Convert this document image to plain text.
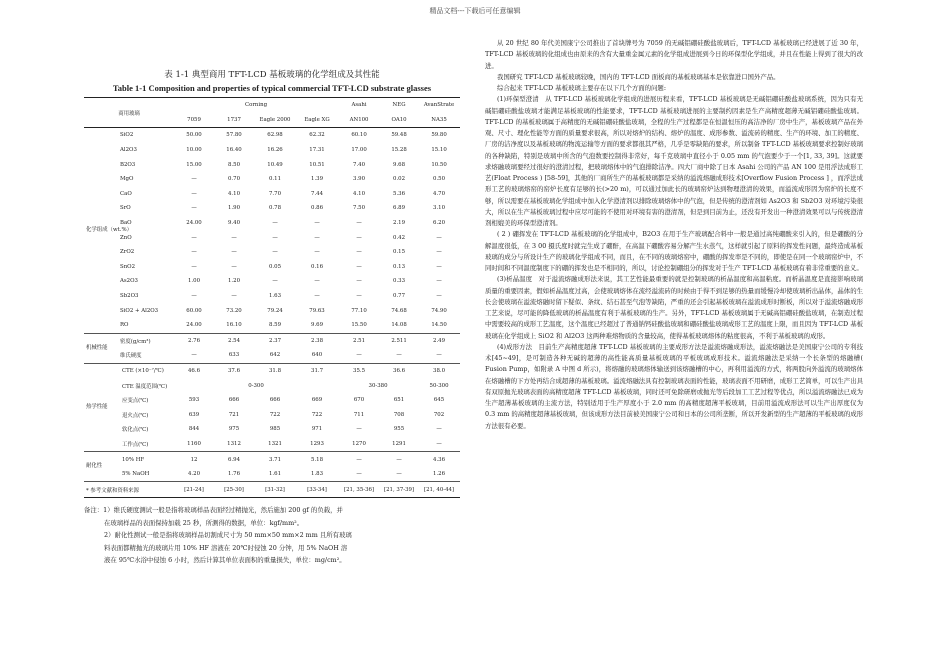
精品文档---下载后可任意编辑
表 1-1 典型商用 TFT-LCD 基板玻璃的化学组成及其性能
Table 1-1 Composition and properties of typical commercial TFT-LCD substrate glasses
商用玻璃		Corning				Asahi	NEG	AvanStrate
		7059	1737	Eagle 2000	Eagle XG	AN100	OA10	NA35
化学组成（wt.%）	SiO2	50.00	57.80	62.98	62.32	60.10	59.48	59.80
	Al2O3	10.00	16.40	16.26	17.31	17.00	15.28	15.10
	B2O3	15.00	8.50	10.49	10.51	7.40	9.68	10.50
	MgO	—	0.70	0.11	1.39	3.90	0.02	0.50
	CaO	—	4.10	7.70	7.44	4.10	5.36	4.70
	SrO	—	1.90	0.78	0.86	7.50	6.89	3.10
	BaO	24.00	9.40	—	—	—	2.19	6.20
	ZnO	—	—	—	—	—	0.42	—
	ZrO2	—	—	—	—	—	0.15	—
	SnO2	—	—	0.05	0.16	—	0.13	—
	As2O3	1.00	1.20	—	—	—	0.33	—
	Sb2O3	—	—	1.63	—	—	0.77	—
	SiO2 + Al2O3	60.00	73.20	79.24	79.63	77.10	74.68	74.90
	RO	24.00	16.10	8.59	9.69	15.50	14.08	14.50
机械性能	密度(g/cm³)	2.76	2.54	2.37	2.38	2.51	2.511	2.49
	维氏硬度	—	633	642	640	—	—	—
热学性能	CTE (×10⁻⁷/℃)	46.6	37.6	31.8	31.7	35.5	36.6	38.0
	CTE 温度范围(℃)	0-300				30-380		50-300
	应变点(℃)	593	666	666	669	670	651	645
	退火点(℃)	639	721	722	722	711	708	702
	软化点(℃)	844	975	985	971	—	955	—
	工作点(℃)	1160	1312	1321	1293	1270	1291	—
耐化性	10% HF	12	6.94	3.71	5.18	—	—	4.36
	5% NaOH	4.20	1.76	1.61	1.83	—	—	1.26
* 参考文献和资料来源		[21-24]	[25-30]	[31-32]	[33-34]	[21, 35-36]	[21, 37-39]	[21, 40-44]
备注：1）维氏硬度测试一般是指将玻璃样品表面经过精抛光，然后施加 200 gf 的负载，并
在玻璃样品的表面保持加载 25 秒，所测得的数据，单位：kgf/mm²。
2）耐化性测试一般是指将玻璃样品切割成尺寸为 50 mm×50 mm×2 mm 且所有玻璃
料表面都精抛光的玻璃片用 10% HF 溶液在 20℃时侵蚀 20 分钟，用 5% NaOH 溶
液在 95℃水浴中侵蚀 6 小时，然后计算其单位表面积的重量损失，单位：mg/cm²。

从 20 世纪 80 年代美国康宁公司推出了首块牌号为 7059 的无碱铝硼硅酸盐玻璃后，TFT-LCD 基板玻璃已经进展了近 30 年，TFT-LCD 基板玻璃的化组成也由原来的含有大量重金属元素的化学组成进展到今日的环保型化学组成，并且在性能上得到了很大的改进。

我国研究 TFT-LCD 基板玻璃较晚，国内的 TFT-LCD 面板商的基板玻璃基本是依靠进口国外产品。

综合起来 TFT-LCD 基板玻璃主要存在以下几个方面的问题:

(1)环保型澄清　从 TFT-LCD 基板玻璃化学组成的进展历程来看，TFT-LCD 基板玻璃是无碱铝硼硅酸盐玻璃系统，因为只有无碱铝硼硅酸盐玻璃才能满足基板玻璃的性能要求，TFT-LCD 基板玻璃进展的主要制约因素是生产高精度超薄无碱铝硼硅酸盐玻璃。TFT-LCD 的基板玻璃属于高精度的无碱铝硼硅酸盐玻璃，全程的生产过程都是在恒温恒压的高洁净的厂房中生产，基板玻璃产品在外观、尺寸、理化性能等方面的质量要求很高，所以对熔炉的结构、熔炉的温度、成形参数、溢流砖的精度、生产的环境、加工的精度、厂房的洁净度以及基板玻璃的物流运输等方面的要求都很其严格，几乎是零缺陷的要求，所以制备 TFT-LCD 基板玻璃要求控制好玻璃的各种缺陷，特别是玻璃中所含的气泡数要控制得非常好，每千克玻璃中直径小于 0.05 mm 的气泡要少于一个[1, 33, 39]。这就要求熔融玻璃要经过很好的澄清过程，把玻璃熔体中的气泡排除洁净。四大厂商中除了日本 Asahi 公司的产品 AN 100 是用浮法成形工艺(Float Process ) [58-59]，其他的厂商所生产的基板玻璃都是采纳的溢流熔融成形技术[Overflow Fusion Process ] ，而浮法成形工艺的玻璃熔窑的窑炉长度有足够的长(>20 m)，可以通过加此长的玻璃窑炉达到物理澄清的效果，而溢流成形因为窑炉的长度不够，所以需要在基板玻璃化学组成中加入化学澄清剂以排除玻璃熔体中的气泡，但是传统的澄清剂如 As2O3 和 Sb2O3 对环境污染很大，所以在生产基板玻璃过程中应尽可能的不使用对环境有害的澄清剂，但是到目前为止，还没有开发出一种澄清效果可以与传统澄清剂相媲美的环保型澄清剂。

( 2 ) 硼挥发在 TFT-LCD 基板玻璃的化学组成中，B2O3 在用于生产玻璃配合料中一般是通过高纯硼酸来引入的，但是硼酸的分解温度很低，在 3 00 摄氏度时就完生成了硼酐，在高温下硼酸容易分解产生水蒸气，这样就引起了原料的挥发性问题，最终造成基板玻璃的成分与所设计生产的玻璃化学组成不同，而且，在不同的玻璃熔窑中，硼酸的挥发率是不同的，即使是在同一个玻璃窑炉中，不同时间和不同温度制度下的硼的挥发也是不相同的，所以，讨论控制硼组分的挥发对于生产 TFT-LCD 基板玻璃有着非常重要的意义。

(3)析晶温度　对于溢流熔融成形法来说，其工艺性能最重要的就是控制玻璃的析晶温度和高温粘度。而析晶温度是直接影响玻璃质量的重要因素，假如析晶温度过高，会使玻璃熔体在流经溢流砖的时候由于得不到足够的热量而缓慢冷却使玻璃析出晶体，晶体的生长会使玻璃在溢流熔融时留下疑似、条纹、结石甚至气泡等缺陷，严重的还会引起基板玻璃在溢流成形时断板，所以对于溢流熔融成形工艺来说，尽可能的降低玻璃的析晶温度有利于基板玻璃的生产。另外，TFT-LCD 基板玻璃属于无碱高铝硼硅酸盐玻璃，在制造过程中需要较高的成形工艺温度，这个温度已经超过了普通钠钙硅酸盐玻璃和硼硅酸盐玻璃成形工艺的温度上限，而且因为 TFT-LCD 基板玻璃在化学组成上 SiO2 和 Al2O3 这两种难熔物质的含量较高，使得基板玻璃熔体的粘度很高，不利于基板玻璃的成形。

(4)成形方法　目前生产高精度超薄 TFT-LCD 基板玻璃的主要成形方法是溢流熔融成形法，溢流熔融法是美国康宁公司的专利技术[45~49]，是可制造各种无碱的超薄的高性能高质量基板玻璃的平板玻璃成形技术。溢流熔融法是采纳一个长条型的熔融槽( Fusion Pump，如附录 A 中图 d 所示)，将熔融的玻璃熔体输送到该熔融槽的中心，再利用溢流的方式，将两股向外溢流的玻璃熔体在熔融槽的下方处再结合成超薄的基板玻璃。溢流熔融法具有控制玻璃表面的性能，玻璃表面不用研磨，成形工艺简单，可以生产出具有双原抛光玻璃表面的高精度超薄 TFT-LCD 基板玻璃，同时还可免除研磨或抛光等后段加工工艺过程等优点，所以溢流熔融法已成为生产超薄基板玻璃的主流方法，特别适用于生产厚度小于 2.0 mm 的高精度超薄平板玻璃，目前用溢流成形法可以生产出厚度仅为 0.3 mm 的高精度超薄基板玻璃，但该成形方法目前被美国康宁公司和日本的公司所垄断，所以开发新型的生产超薄的平板玻璃的成形方法很有必要。
